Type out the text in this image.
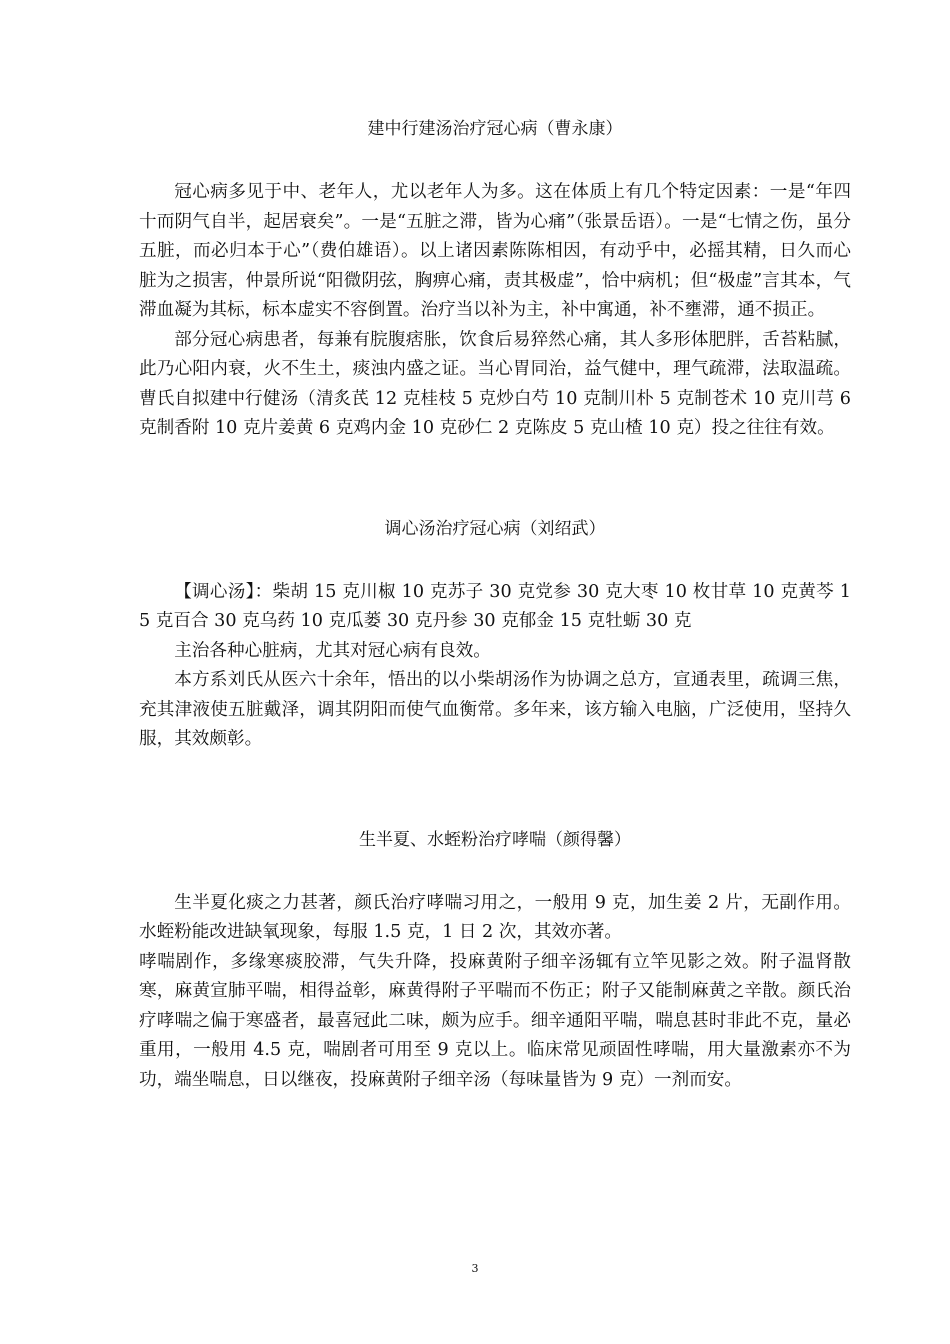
建中行建汤治疗冠心病（曹永康）

冠心病多见于中、老年人，尤以老年人为多。这在体质上有几个特定因素：一是“年四十而阴气自半，起居衰矣”。一是“五脏之滞，皆为心痛”（张景岳语）。一是“七情之伤，虽分五脏，而必归本于心”（费伯雄语）。以上诸因素陈陈相因，有动乎中，必摇其精，日久而心脏为之损害，仲景所说“阳微阴弦，胸痹心痛，责其极虚”，恰中病机；但“极虚”言其本，气滞血凝为其标，标本虚实不容倒置。治疗当以补为主，补中寓通，补不壅滞，通不损正。

部分冠心病患者，每兼有脘腹痞胀，饮食后易猝然心痛，其人多形体肥胖，舌苔粘腻，此乃心阳内衰，火不生土，痰浊内盛之证。当心胃同治，益气健中，理气疏滞，法取温疏。曹氏自拟建中行健汤（清炙芪 12 克桂枝 5 克炒白芍 10 克制川朴 5 克制苍术 10 克川芎 6 克制香附 10 克片姜黄 6 克鸡内金 10 克砂仁 2 克陈皮 5 克山楂 10 克）投之往往有效。

调心汤治疗冠心病（刘绍武）

【调心汤】：柴胡 15 克川椒 10 克苏子 30 克党参 30 克大枣 10 枚甘草 10 克黄芩 15 克百合 30 克乌药 10 克瓜蒌 30 克丹参 30 克郁金 15 克牡蛎 30 克

主治各种心脏病，尤其对冠心病有良效。

本方系刘氏从医六十余年，悟出的以小柴胡汤作为协调之总方，宣通表里，疏调三焦，充其津液使五脏戴泽，调其阴阳而使气血衡常。多年来，该方输入电脑，广泛使用，坚持久服，其效颇彰。

生半夏、水蛭粉治疗哮喘（颜得馨）

生半夏化痰之力甚著，颜氏治疗哮喘习用之，一般用 9 克，加生姜 2 片，无副作用。水蛭粉能改进缺氧现象，每服 1.5 克，1 日 2 次，其效亦著。

哮喘剧作，多缘寒痰胶滞，气失升降，投麻黄附子细辛汤辄有立竿见影之效。附子温肾散寒，麻黄宣肺平喘，相得益彰，麻黄得附子平喘而不伤正；附子又能制麻黄之辛散。颜氏治疗哮喘之偏于寒盛者，最喜冠此二味，颇为应手。细辛通阳平喘，喘息甚时非此不克，量必重用，一般用 4.5 克，喘剧者可用至 9 克以上。临床常见顽固性哮喘，用大量激素亦不为功，端坐喘息，日以继夜，投麻黄附子细辛汤（每味量皆为 9 克）一剂而安。

3
